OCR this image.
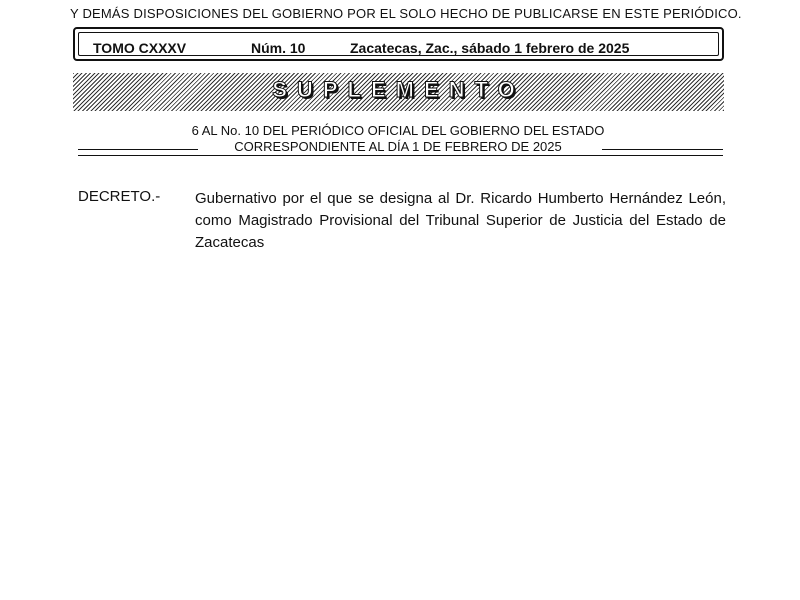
Y DEMÁS DISPOSICIONES DEL GOBIERNO POR EL SOLO HECHO DE PUBLICARSE EN ESTE PERIÓDICO.
TOMO CXXXV	Núm. 10	Zacatecas, Zac., sábado 1 febrero de 2025
SUPLEMENTO
6 AL No. 10 DEL PERIÓDICO OFICIAL DEL GOBIERNO DEL ESTADO
CORRESPONDIENTE AL DÍA 1 DE FEBRERO DE 2025
DECRETO.- Gubernativo por el que se designa al Dr. Ricardo Humberto Hernández León, como Magistrado Provisional del Tribunal Superior de Justicia del Estado de Zacatecas
